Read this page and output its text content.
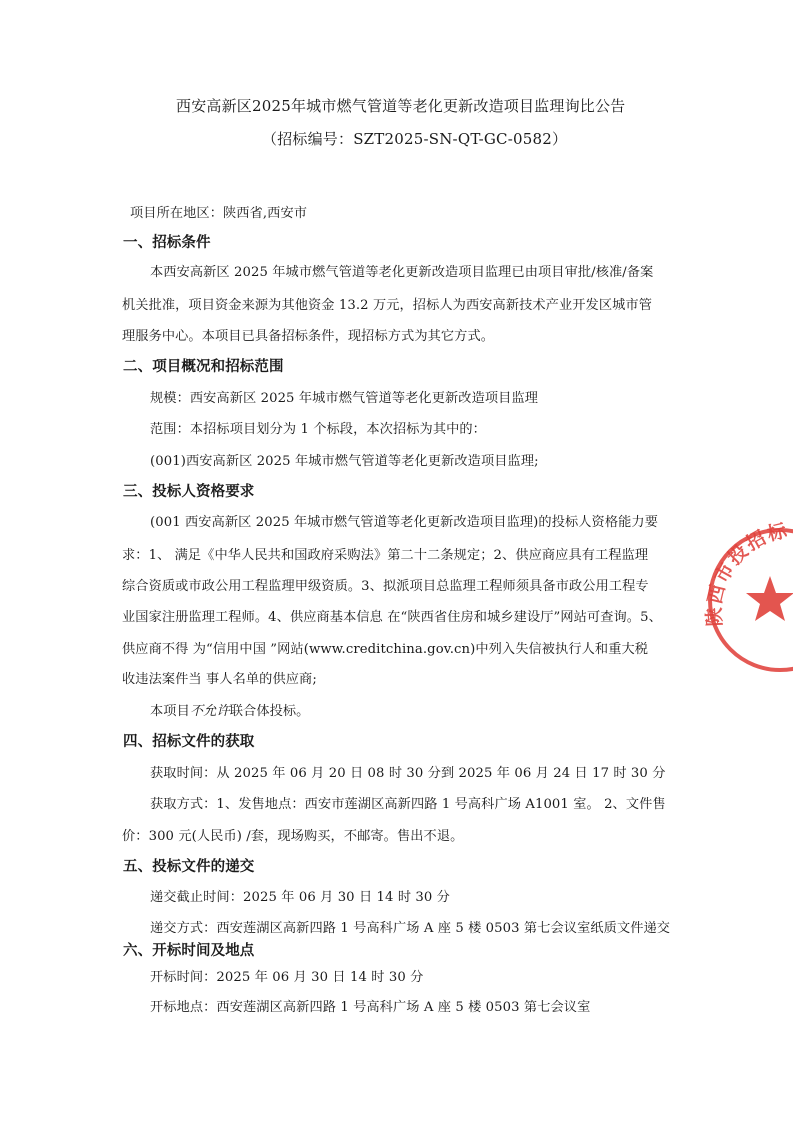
西安高新区2025年城市燃气管道等老化更新改造项目监理询比公告
（招标编号：SZT2025-SN-QT-GC-0582）
项目所在地区：陕西省,西安市
一、招标条件
本西安高新区 2025 年城市燃气管道等老化更新改造项目监理已由项目审批/核准/备案
机关批准，项目资金来源为其他资金 13.2 万元，招标人为西安高新技术产业开发区城市管
理服务中心。本项目已具备招标条件，现招标方式为其它方式。
二、项目概况和招标范围
规模：西安高新区 2025 年城市燃气管道等老化更新改造项目监理
范围：本招标项目划分为 1 个标段，本次招标为其中的：
(001)西安高新区 2025 年城市燃气管道等老化更新改造项目监理;
三、投标人资格要求
(001 西安高新区 2025 年城市燃气管道等老化更新改造项目监理)的投标人资格能力要
求：1、 满足《中华人民共和国政府采购法》第二十二条规定；2、供应商应具有工程监理
综合资质或市政公用工程监理甲级资质。3、拟派项目总监理工程师须具备市政公用工程专
业国家注册监理工程师。4、供应商基本信息 在“陕西省住房和城乡建设厅”网站可查询。5、
供应商不得 为“信用中国 ”网站(www.creditchina.gov.cn)中列入失信被执行人和重大税
收违法案件当 事人名单的供应商;
本项目不允许联合体投标。
四、招标文件的获取
获取时间：从 2025 年 06 月 20 日 08 时 30 分到 2025 年 06 月 24 日 17 时 30 分
获取方式：1、发售地点：西安市莲湖区高新四路 1 号高科广场 A1001 室。 2、文件售
价：300 元(人民币) /套，现场购买，不邮寄。售出不退。
五、投标文件的递交
递交截止时间：2025 年 06 月 30 日 14 时 30 分
递交方式：西安莲湖区高新四路 1 号高科广场 A 座 5 楼 0503 第七会议室纸质文件递交
六、开标时间及地点
开标时间：2025 年 06 月 30 日 14 时 30 分
开标地点：西安莲湖区高新四路 1 号高科广场 A 座 5 楼 0503 第七会议室
陕西市投招标
